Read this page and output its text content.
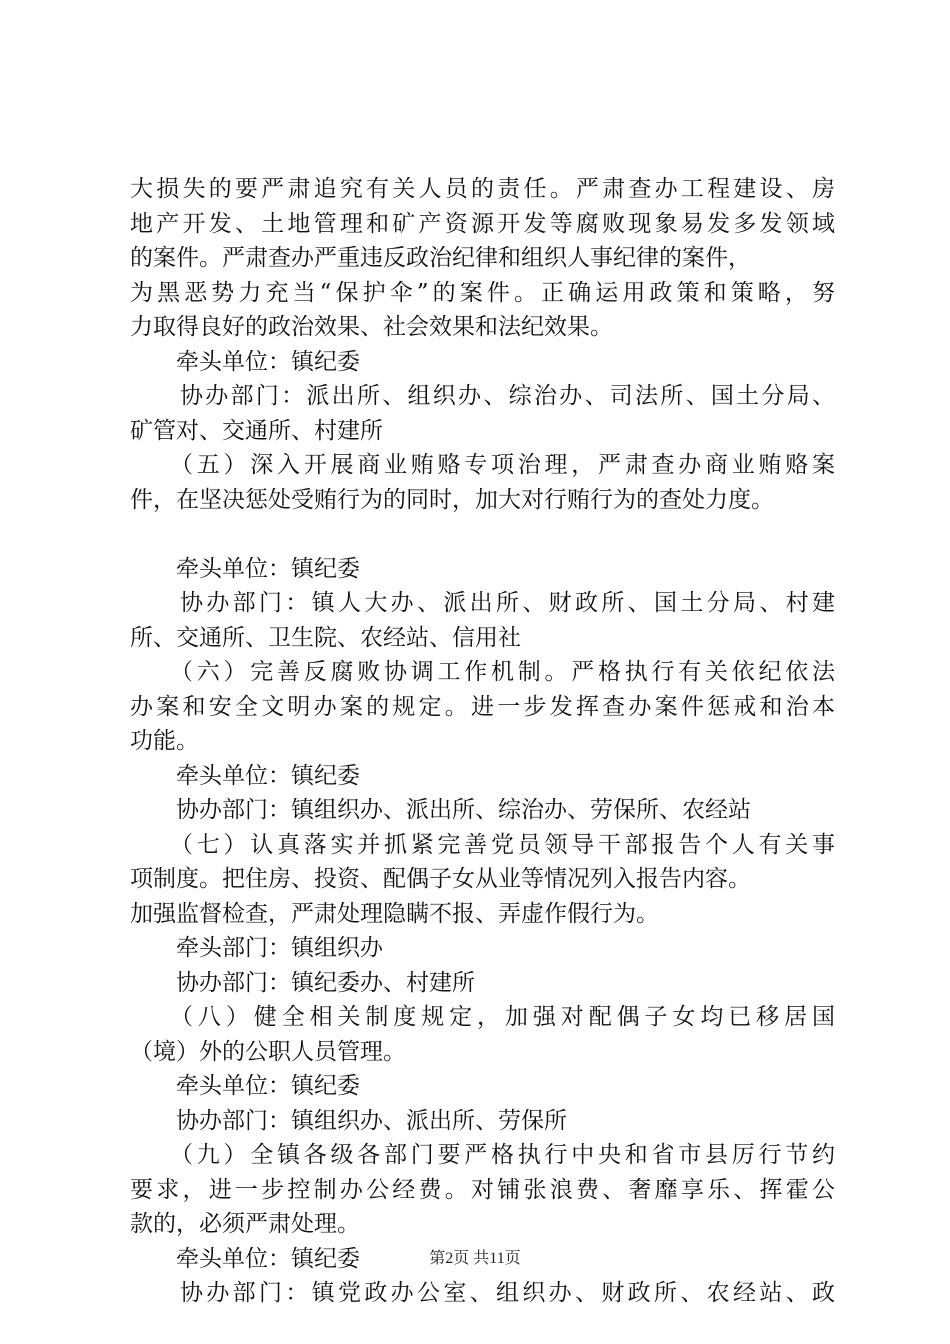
大损失的要严肃追究有关人员的责任。严肃查办工程建设、房
地产开发、土地管理和矿产资源开发等腐败现象易发多发领域
的案件。严肃查办严重违反政治纪律和组织人事纪律的案件，
为黑恶势力充当“保护伞”的案件。正确运用政策和策略，努
力取得良好的政治效果、社会效果和法纪效果。
牵头单位：镇纪委
协办部门：派出所、组织办、综治办、司法所、国土分局、
矿管对、交通所、村建所
（五）深入开展商业贿赂专项治理，严肃查办商业贿赂案
件，在坚决惩处受贿行为的同时，加大对行贿行为的查处力度。
牵头单位：镇纪委
协办部门：镇人大办、派出所、财政所、国土分局、村建
所、交通所、卫生院、农经站、信用社
（六）完善反腐败协调工作机制。严格执行有关依纪依法
办案和安全文明办案的规定。进一步发挥查办案件惩戒和治本
功能。
牵头单位：镇纪委
协办部门：镇组织办、派出所、综治办、劳保所、农经站
（七）认真落实并抓紧完善党员领导干部报告个人有关事
项制度。把住房、投资、配偶子女从业等情况列入报告内容。
加强监督检查，严肃处理隐瞒不报、弄虚作假行为。
牵头部门：镇组织办
协办部门：镇纪委办、村建所
（八）健全相关制度规定，加强对配偶子女均已移居国
（境）外的公职人员管理。
牵头单位：镇纪委
协办部门：镇组织办、派出所、劳保所
（九）全镇各级各部门要严格执行中央和省市县厉行节约
要求，进一步控制办公经费。对铺张浪费、奢靡享乐、挥霍公
款的，必须严肃处理。
牵头单位：镇纪委
协办部门：镇党政办公室、组织办、财政所、农经站、政
第2页 共11页
